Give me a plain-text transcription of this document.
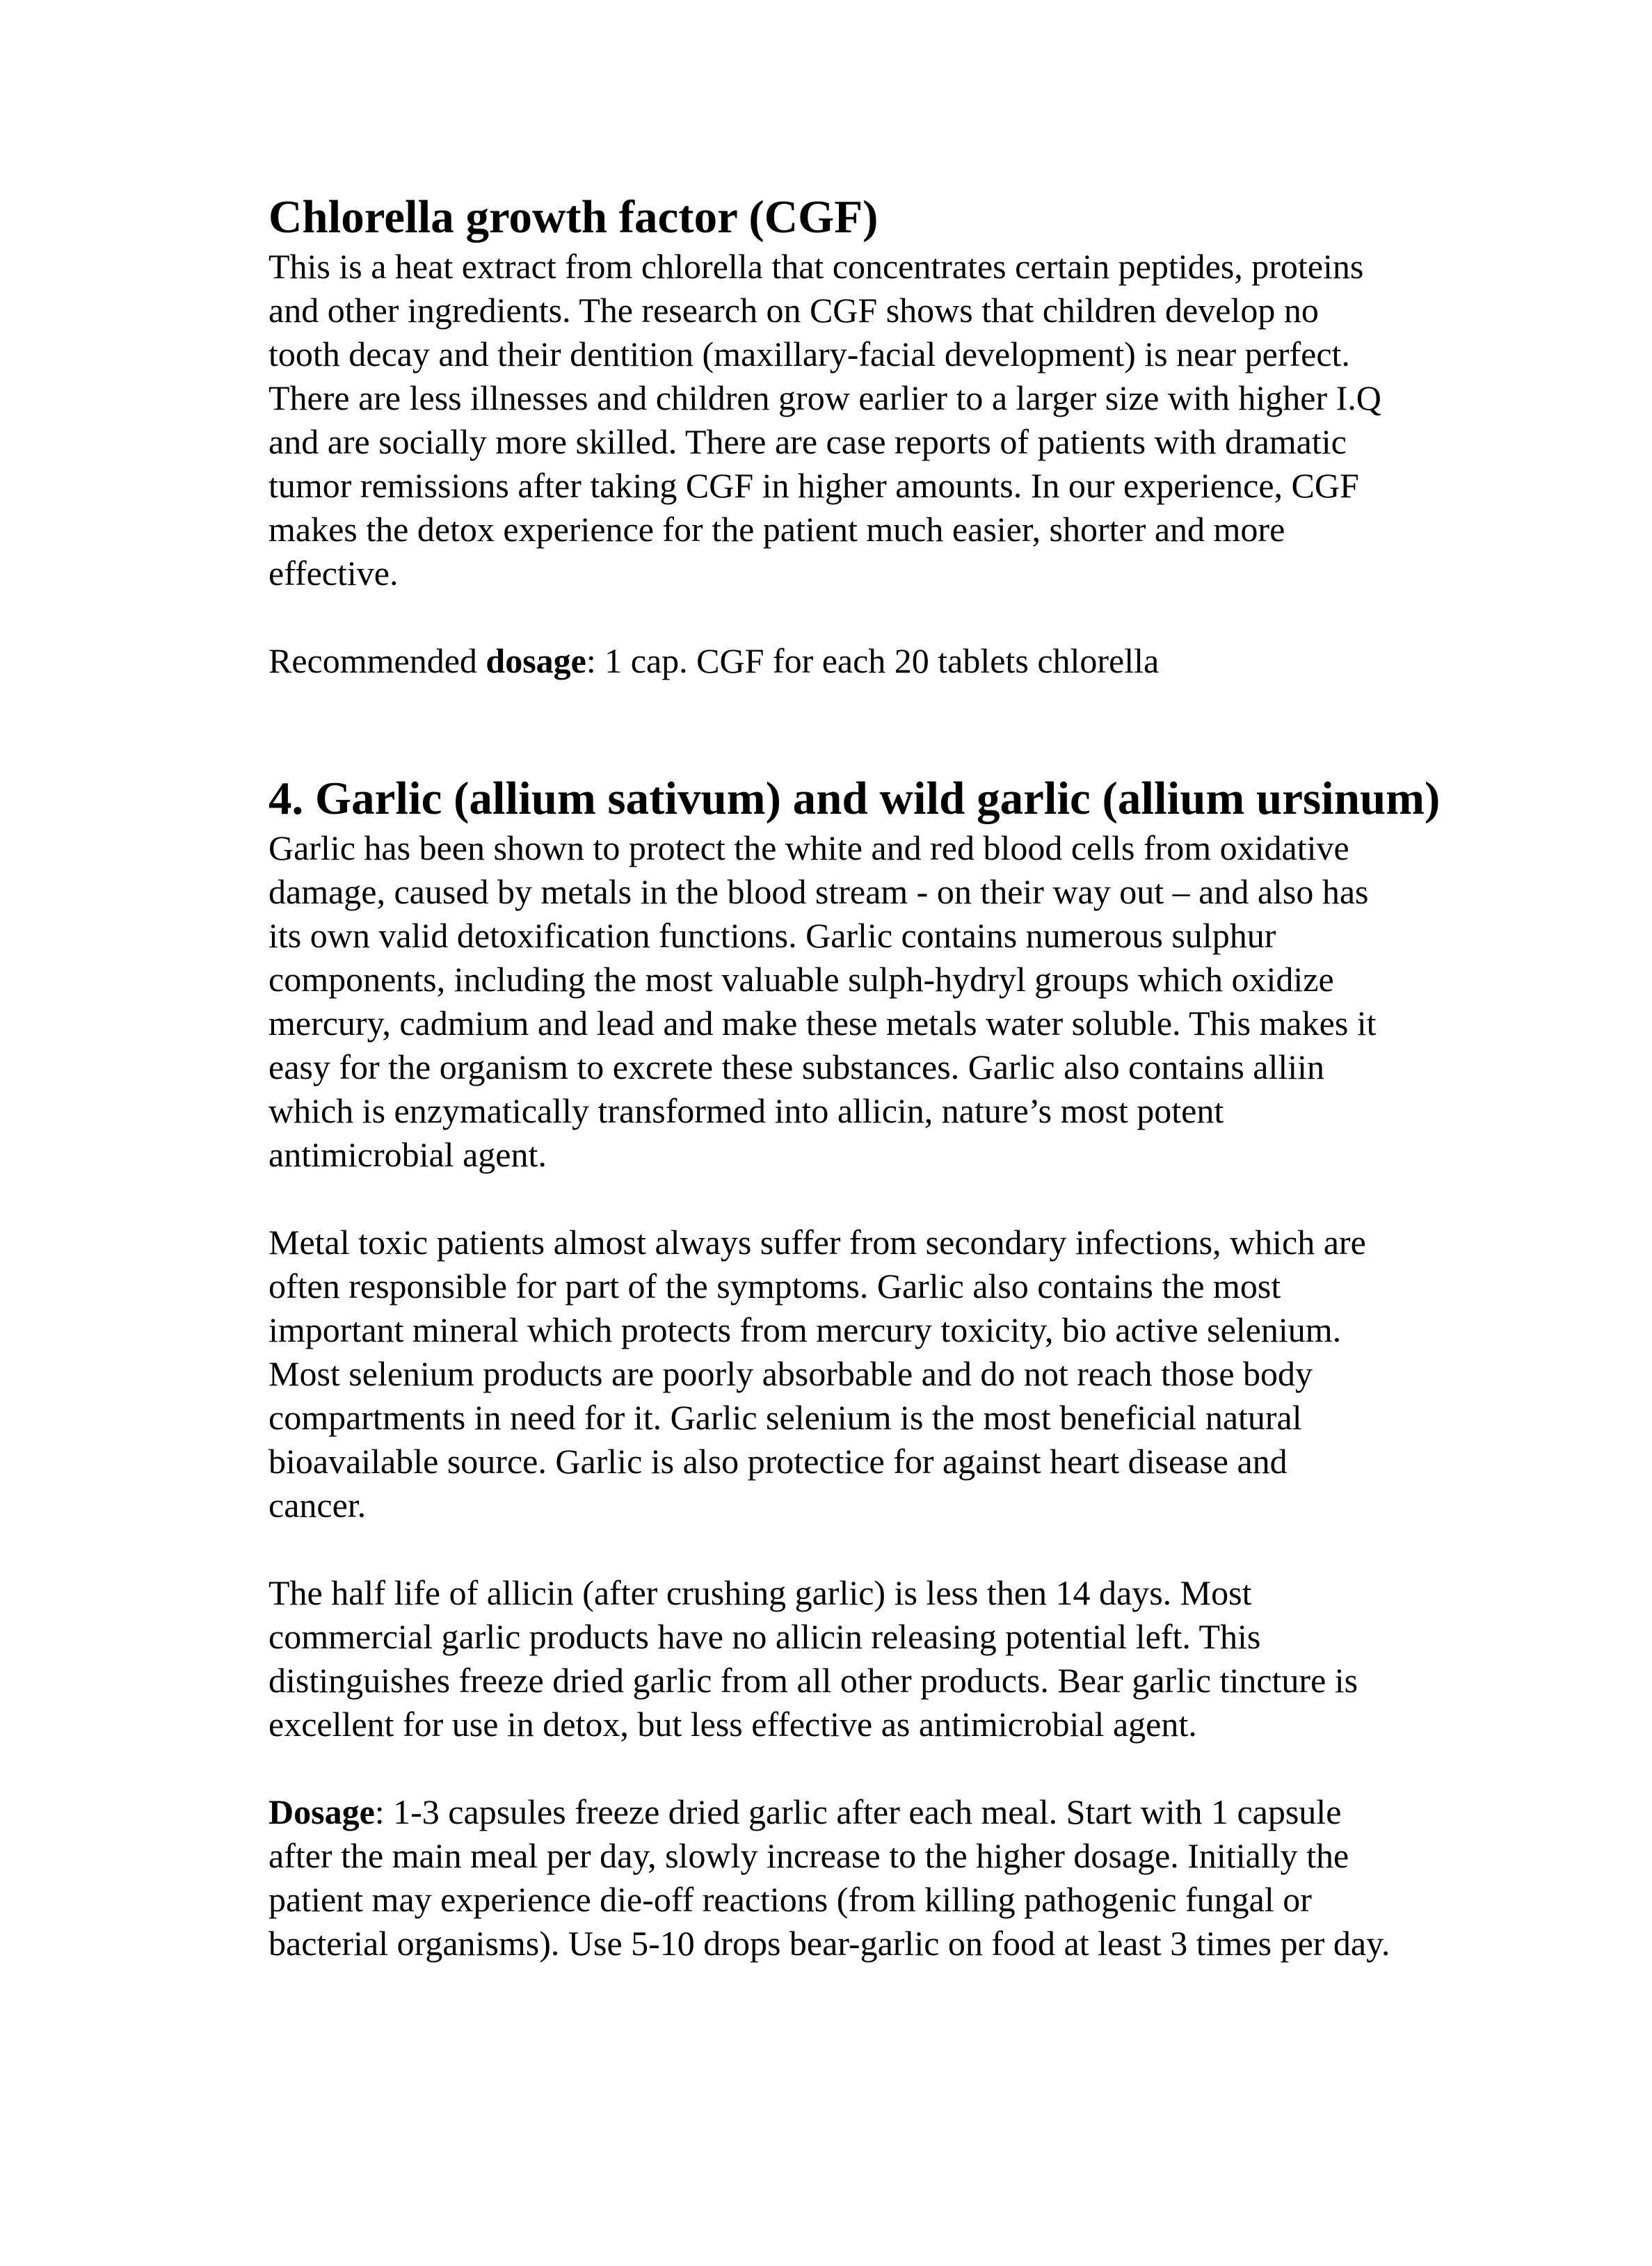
Chlorella growth factor (CGF)
This is a heat extract from chlorella that concentrates certain peptides, proteins
and other ingredients. The research on CGF shows that children develop no
tooth decay and their dentition (maxillary-facial development) is near perfect.
There are less illnesses and children grow earlier to a larger size with higher I.Q
and are socially more skilled. There are case reports of patients with dramatic
tumor remissions after taking CGF in higher amounts. In our experience, CGF
makes the detox experience for the patient much easier, shorter and more
effective.
Recommended dosage: 1 cap. CGF for each 20 tablets chlorella
4. Garlic (allium sativum) and wild garlic (allium ursinum)
Garlic has been shown to protect the white and red blood cells from oxidative
damage, caused by metals in the blood stream - on their way out – and also has
its own valid detoxification functions. Garlic contains numerous sulphur
components, including the most valuable sulph-hydryl groups which oxidize
mercury, cadmium and lead and make these metals water soluble. This makes it
easy for the organism to excrete these substances. Garlic also contains alliin
which is enzymatically transformed into allicin, nature’s most potent
antimicrobial agent.
Metal toxic patients almost always suffer from secondary infections, which are
often responsible for part of the symptoms. Garlic also contains the most
important mineral which protects from mercury toxicity, bio active selenium.
Most selenium products are poorly absorbable and do not reach those body
compartments in need for it. Garlic selenium is the most beneficial natural
bioavailable source. Garlic is also protectice for against heart disease and
cancer.
The half life of allicin (after crushing garlic) is less then 14 days. Most
commercial garlic products have no allicin releasing potential left. This
distinguishes freeze dried garlic from all other products. Bear garlic tincture is
excellent for use in detox, but less effective as antimicrobial agent.
Dosage: 1-3 capsules freeze dried garlic after each meal. Start with 1 capsule
after the main meal per day, slowly increase to the higher dosage. Initially the
patient may experience die-off reactions (from killing pathogenic fungal or
bacterial organisms). Use 5-10 drops bear-garlic on food at least 3 times per day.
